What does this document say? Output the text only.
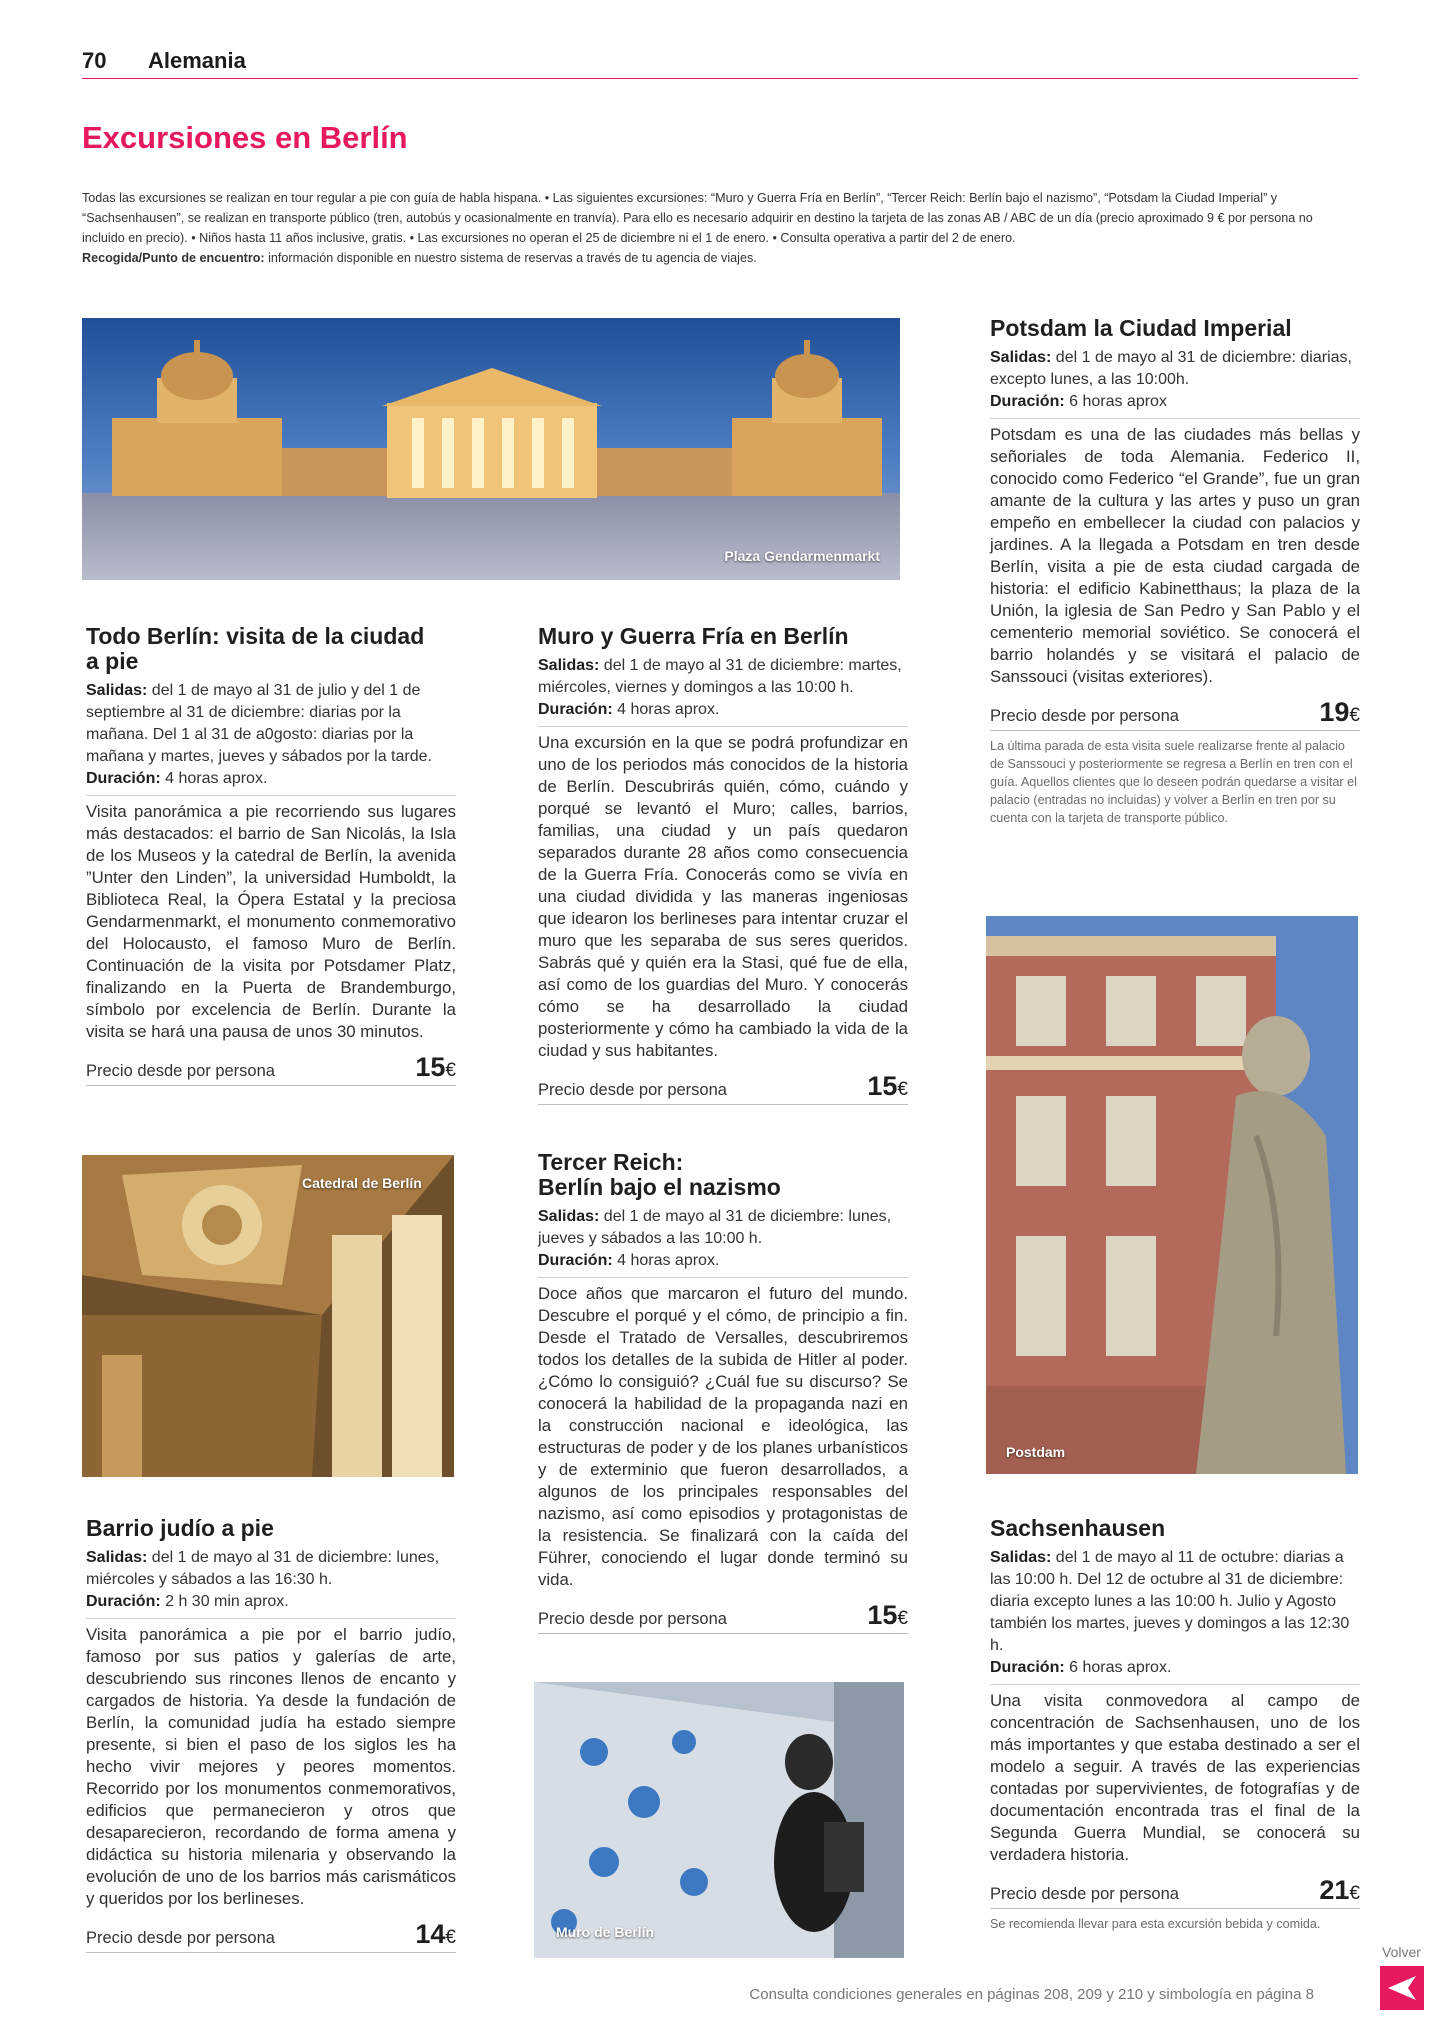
70 Alemania
Excursiones en Berlín

Todas las excursiones se realizan en tour regular a pie con guía de habla hispana. • Las siguientes excursiones: “Muro y Guerra Fría en Berlín”, “Tercer Reich: Berlín bajo el nazismo”, “Potsdam la Ciudad Imperial” y “Sachsenhausen”, se realizan en transporte público (tren, autobús y ocasionalmente en tranvía). Para ello es necesario adquirir en destino la tarjeta de las zonas AB / ABC de un día (precio aproximado 9 € por persona no incluido en precio). • Niños hasta 11 años inclusive, gratis. • Las excursiones no operan el 25 de diciembre ni el 1 de enero. • Consulta operativa a partir del 2 de enero.

Recogida/Punto de encuentro: información disponible en nuestro sistema de reservas a través de tu agencia de viajes.

Plaza Gendarmenmarkt
Todo Berlín: visita de la ciudad
a pie
Salidas: del 1 de mayo al 31 de julio y del 1 de septiembre al 31 de diciembre: diarias por la mañana. Del 1 al 31 de a0gosto: diarias por la mañana y martes, jueves y sábados por la tarde.
Duración: 4 horas aprox.
Visita panorámica a pie recorriendo sus lugares más destacados: el barrio de San Nicolás, la Isla de los Museos y la catedral de Berlín, la avenida ”Unter den Linden”, la universidad Humboldt, la Biblioteca Real, la Ópera Estatal y la preciosa Gendarmenmarkt, el monumento conmemorativo del Holocausto, el famoso Muro de Berlín. Continuación de la visita por Potsdamer Platz, finalizando en la Puerta de Brandemburgo, símbolo por excelencia de Berlín. Durante la visita se hará una pausa de unos 30 minutos.
Precio desde por persona	15€
Catedral de Berlín
Barrio judío a pie
Salidas: del 1 de mayo al 31 de diciembre: lunes, miércoles y sábados a las 16:30 h.
Duración: 2 h 30 min aprox.
Visita panorámica a pie por el barrio judío, famoso por sus patios y galerías de arte, descubriendo sus rincones llenos de encanto y cargados de historia. Ya desde la fundación de Berlín, la comunidad judía ha estado siempre presente, si bien el paso de los siglos les ha hecho vivir mejores y peores momentos. Recorrido por los monumentos conmemorativos, edificios que permanecieron y otros que desaparecieron, recordando de forma amena y didáctica su historia milenaria y observando la evolución de uno de los barrios más carismáticos y queridos por los berlineses.
Precio desde por persona	14€
Muro y Guerra Fría en Berlín
Salidas: del 1 de mayo al 31 de diciembre: martes, miércoles, viernes y domingos a las 10:00 h.
Duración: 4 horas aprox.
Una excursión en la que se podrá profundizar en uno de los periodos más conocidos de la historia de Berlín. Descubrirás quién, cómo, cuándo y porqué se levantó el Muro; calles, barrios, familias, una ciudad y un país quedaron separados durante 28 años como consecuencia de la Guerra Fría. Conocerás como se vivía en una ciudad dividida y las maneras ingeniosas que idearon los berlineses para intentar cruzar el muro que les separaba de sus seres queridos. Sabrás qué y quién era la Stasi, qué fue de ella, así como de los guardias del Muro. Y conocerás cómo se ha desarrollado la ciudad posteriormente y cómo ha cambiado la vida de la ciudad y sus habitantes.
Precio desde por persona	15€
Tercer Reich:
Berlín bajo el nazismo
Salidas: del 1 de mayo al 31 de diciembre: lunes, jueves y sábados a las 10:00 h.
Duración: 4 horas aprox.
Doce años que marcaron el futuro del mundo. Descubre el porqué y el cómo, de principio a fin. Desde el Tratado de Versalles, descubriremos todos los detalles de la subida de Hitler al poder. ¿Cómo lo consiguió? ¿Cuál fue su discurso? Se conocerá la habilidad de la propaganda nazi en la construcción nacional e ideológica, las estructuras de poder y de los planes urbanísticos y de exterminio que fueron desarrollados, a algunos de los principales responsables del nazismo, así como episodios y protagonistas de la resistencia. Se finalizará con la caída del Führer, conociendo el lugar donde terminó su vida.
Precio desde por persona	15€
Muro de Berlín
Potsdam la Ciudad Imperial
Salidas: del 1 de mayo al 31 de diciembre: diarias, excepto lunes, a las 10:00h.
Duración: 6 horas aprox
Potsdam es una de las ciudades más bellas y señoriales de toda Alemania. Federico II, conocido como Federico “el Grande”, fue un gran amante de la cultura y las artes y puso un gran empeño en embellecer la ciudad con palacios y jardines. A la llegada a Potsdam en tren desde Berlín, visita a pie de esta ciudad cargada de historia: el edificio Kabinetthaus; la plaza de la Unión, la iglesia de San Pedro y San Pablo y el cementerio memorial soviético. Se conocerá el barrio holandés y se visitará el palacio de Sanssouci (visitas exteriores).
Precio desde por persona	19€
La última parada de esta visita suele realizarse frente al palacio de Sanssouci y posteriormente se regresa a Berlín en tren con el guía. Aquellos clientes que lo deseen podrán quedarse a visitar el palacio (entradas no incluidas) y volver a Berlín en tren por su cuenta con la tarjeta de transporte público.
Postdam
Sachsenhausen
Salidas: del 1 de mayo al 11 de octubre: diarias a las 10:00 h. Del 12 de octubre al 31 de diciembre: diaria excepto lunes a las 10:00 h. Julio y Agosto también los martes, jueves y domingos a las 12:30 h.
Duración: 6 horas aprox.
Una visita conmovedora al campo de concentración de Sachsenhausen, uno de los más importantes y que estaba destinado a ser el modelo a seguir. A través de las experiencias contadas por supervivientes, de fotografías y de documentación encontrada tras el final de la Segunda Guerra Mundial, se conocerá su verdadera historia.
Precio desde por persona	21€
Se recomienda llevar para esta excursión bebida y comida.
Consulta condiciones generales en páginas 208, 209 y 210 y simbología en página 8
Volver
